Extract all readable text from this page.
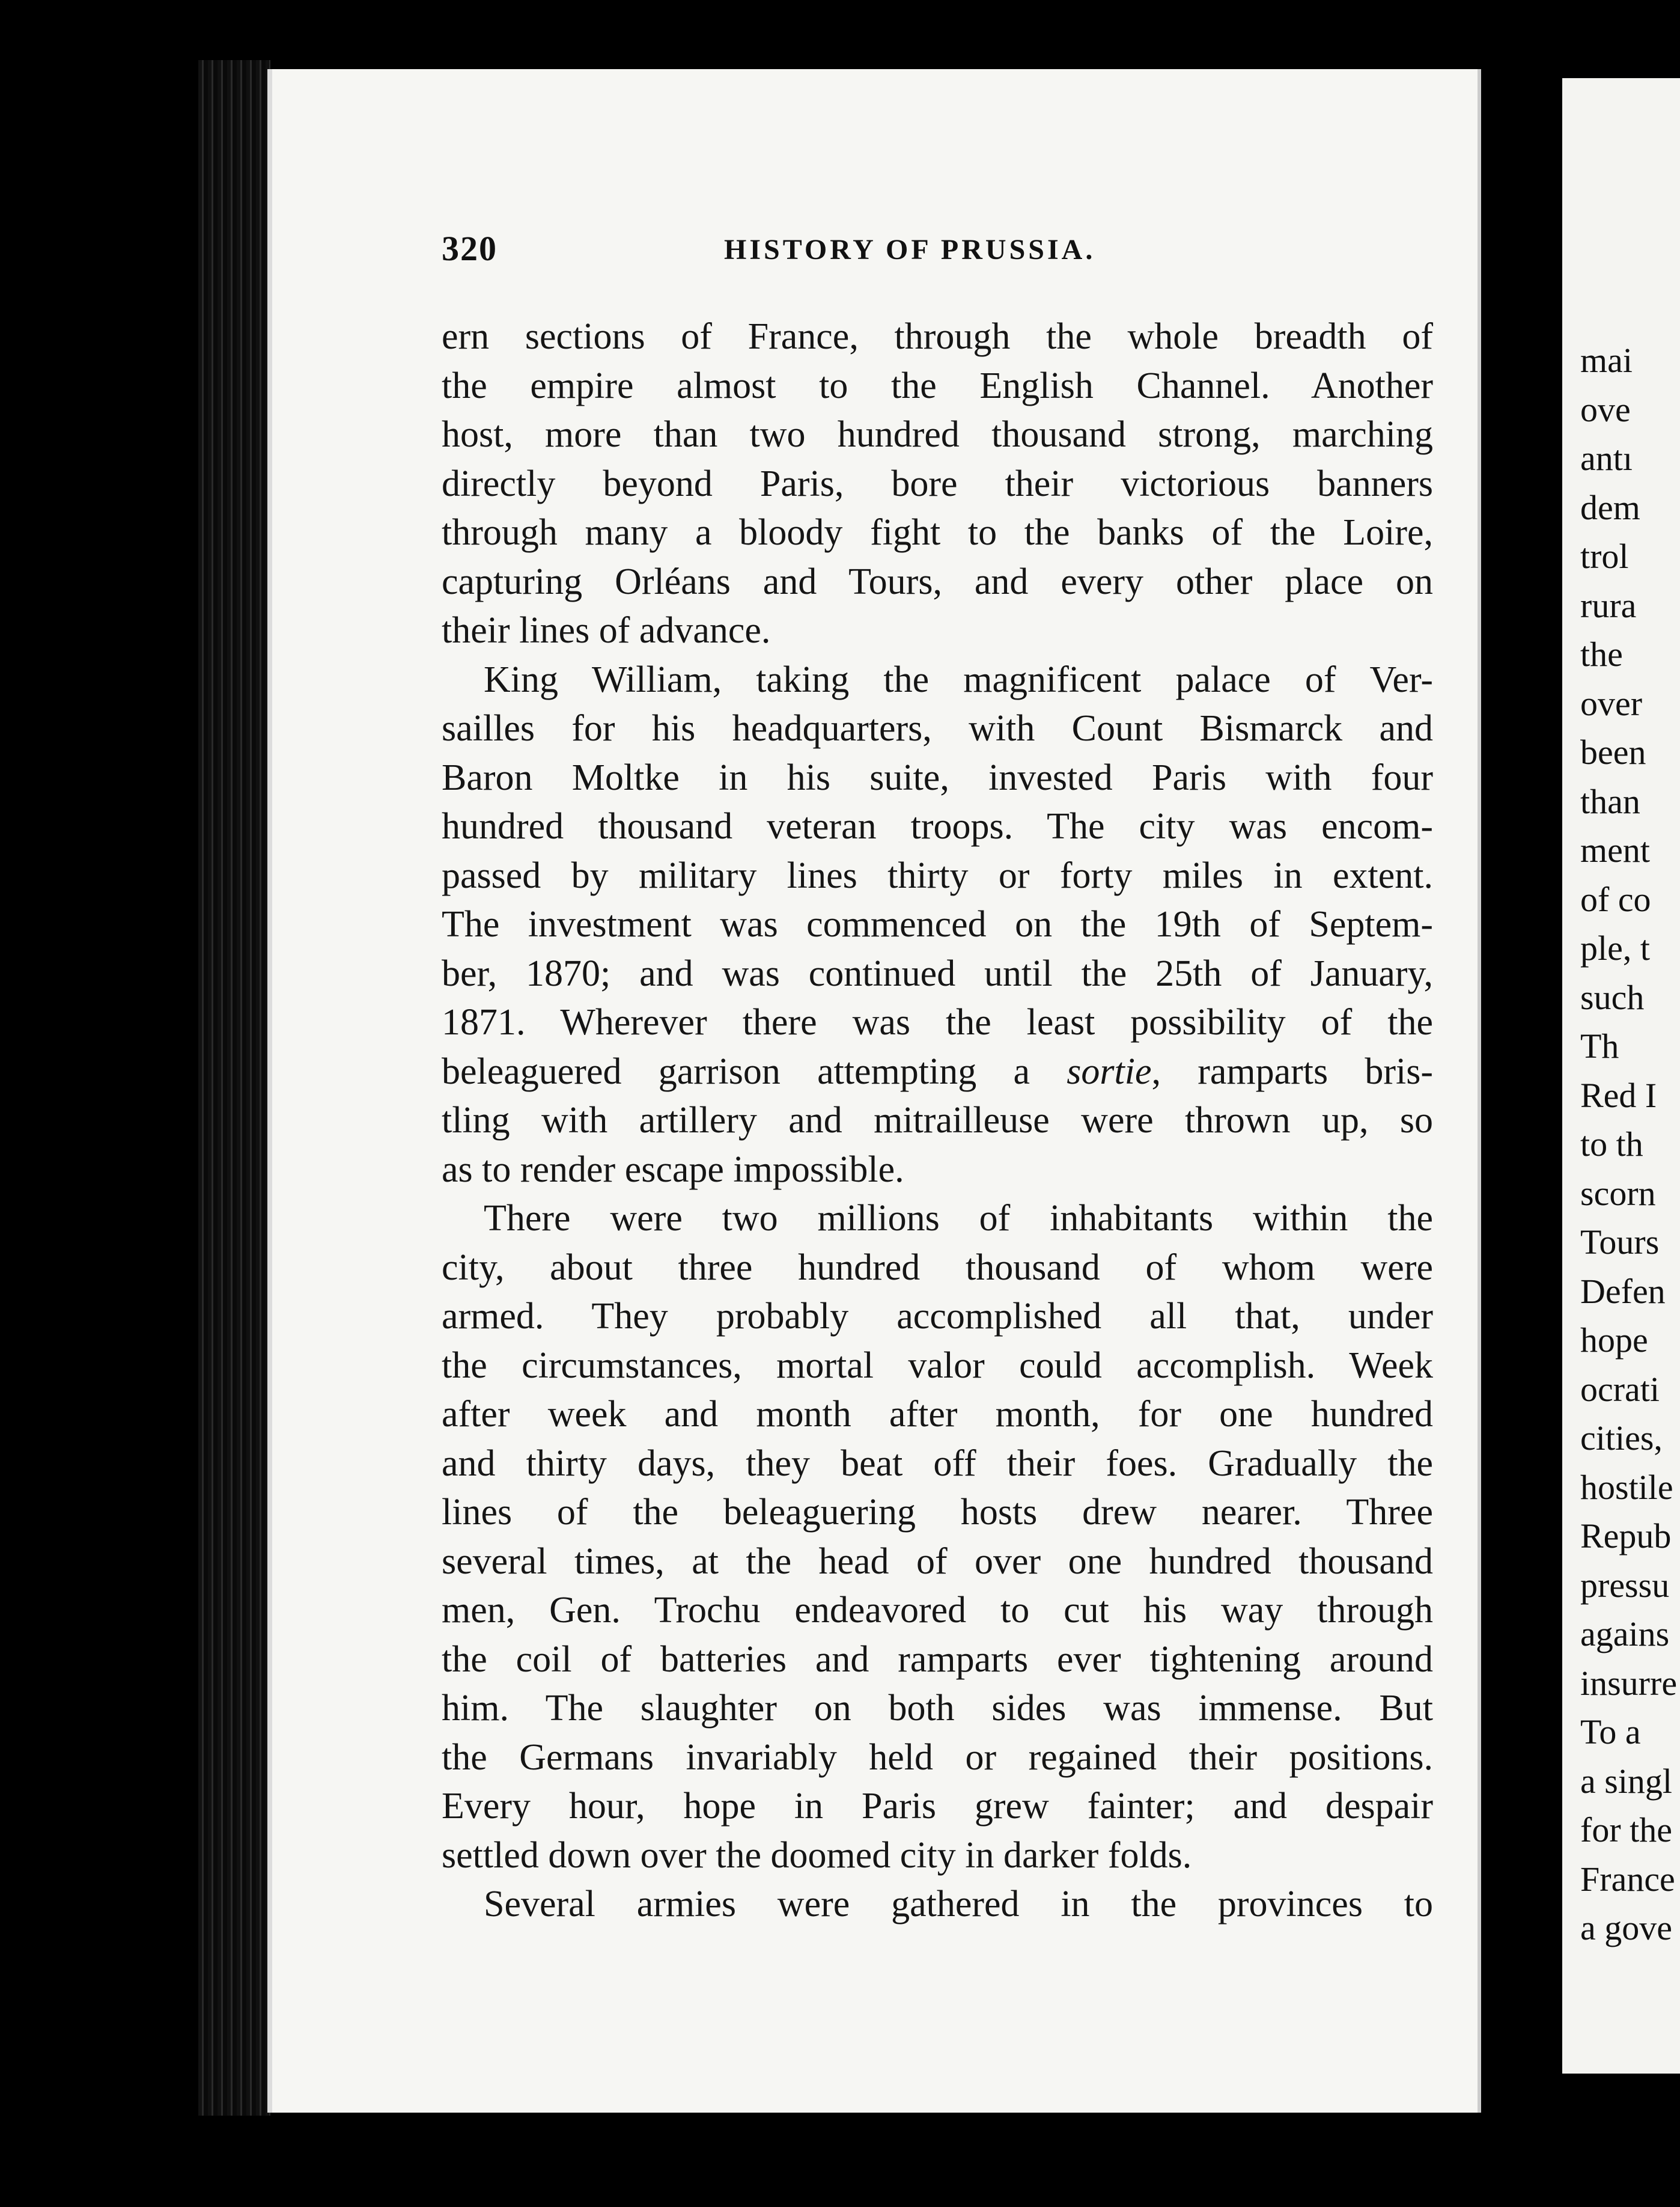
mai
ove
antı
dem
trol
rura
the
over
been
than
ment
of co
ple, t
such
Th
Red I
to th
scorn
Tours
Defen
hope
ocrati
cities,
hostile
Repub
pressu
agains
insurre
To a
a singl
for the
France
a gove
320	HISTORY OF PRUSSIA.
ern sections of France, through the whole breadth of
the empire almost to the English Channel. Another
host, more than two hundred thousand strong, marching
directly beyond Paris, bore their victorious banners
through many a bloody fight to the banks of the Loire,
capturing Orléans and Tours, and every other place on
their lines of advance.
King William, taking the magnificent palace of Ver-
sailles for his headquarters, with Count Bismarck and
Baron Moltke in his suite, invested Paris with four
hundred thousand veteran troops. The city was encom-
passed by military lines thirty or forty miles in extent.
The investment was commenced on the 19th of Septem-
ber, 1870; and was continued until the 25th of January,
1871. Wherever there was the least possibility of the
beleaguered garrison attempting a sortie, ramparts bris-
tling with artillery and mitrailleuse were thrown up, so
as to render escape impossible.
There were two millions of inhabitants within the
city, about three hundred thousand of whom were
armed. They probably accomplished all that, under
the circumstances, mortal valor could accomplish. Week
after week and month after month, for one hundred
and thirty days, they beat off their foes. Gradually the
lines of the beleaguering hosts drew nearer. Three
several times, at the head of over one hundred thousand
men, Gen. Trochu endeavored to cut his way through
the coil of batteries and ramparts ever tightening around
him. The slaughter on both sides was immense. But
the Germans invariably held or regained their positions.
Every hour, hope in Paris grew fainter; and despair
settled down over the doomed city in darker folds.
Several armies were gathered in the provinces to
